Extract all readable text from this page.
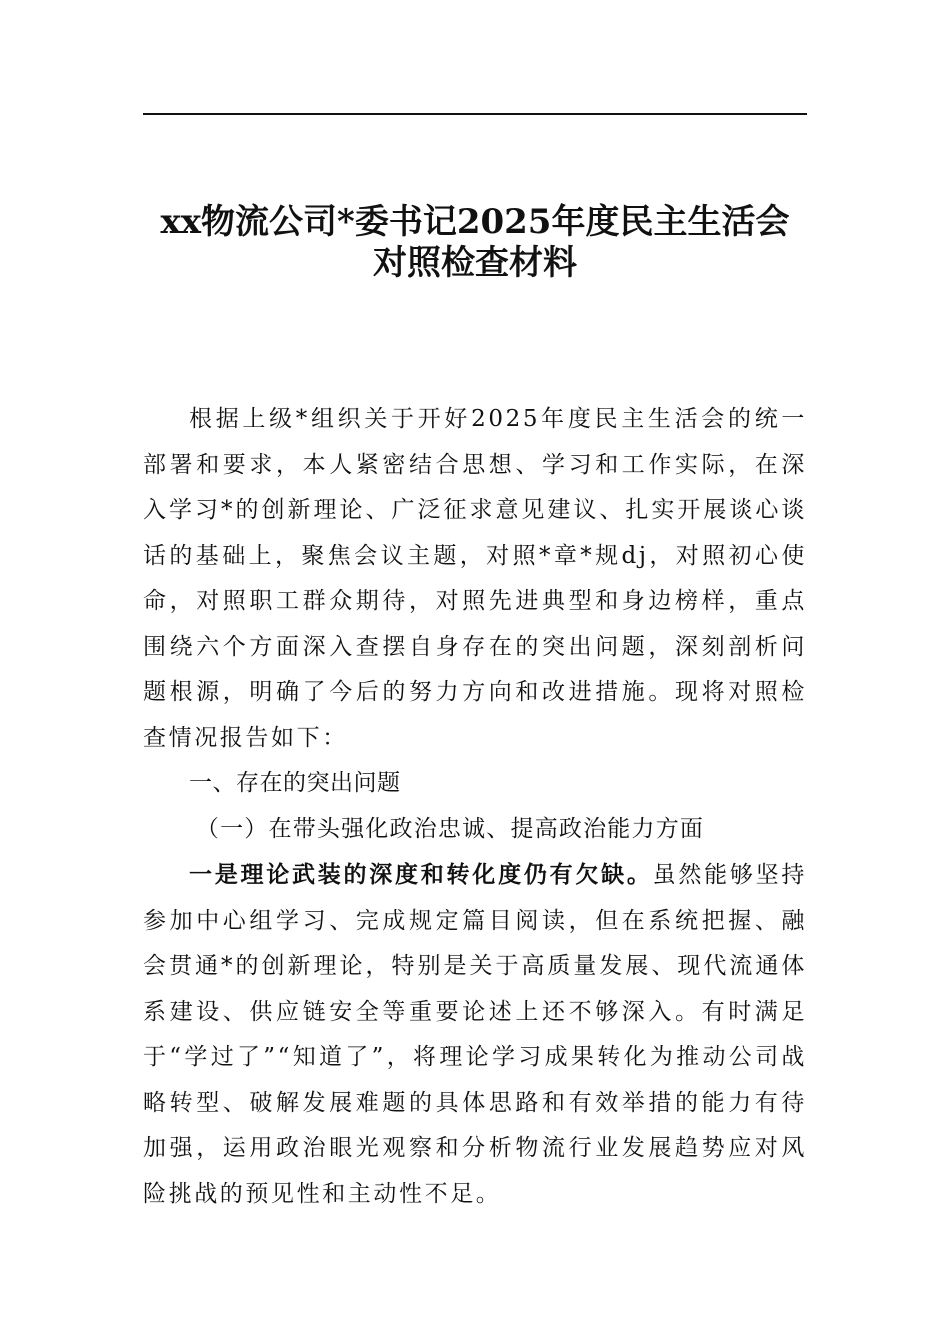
xx物流公司*委书记2025年度民主生活会
对照检查材料

根据上级*组织关于开好2025年度民主生活会的统一部署和要求，本人紧密结合思想、学习和工作实际，在深入学习*的创新理论、广泛征求意见建议、扎实开展谈心谈话的基础上，聚焦会议主题，对照*章*规dj，对照初心使命，对照职工群众期待，对照先进典型和身边榜样，重点围绕六个方面深入查摆自身存在的突出问题，深刻剖析问题根源，明确了今后的努力方向和改进措施。现将对照检查情况报告如下：

一、存在的突出问题

（一）在带头强化政治忠诚、提高政治能力方面

一是理论武装的深度和转化度仍有欠缺。虽然能够坚持参加中心组学习、完成规定篇目阅读，但在系统把握、融会贯通*的创新理论，特别是关于高质量发展、现代流通体系建设、供应链安全等重要论述上还不够深入。有时满足于“学过了”“知道了”，将理论学习成果转化为推动公司战略转型、破解发展难题的具体思路和有效举措的能力有待加强，运用政治眼光观察和分析物流行业发展趋势应对风险挑战的预见性和主动性不足。
